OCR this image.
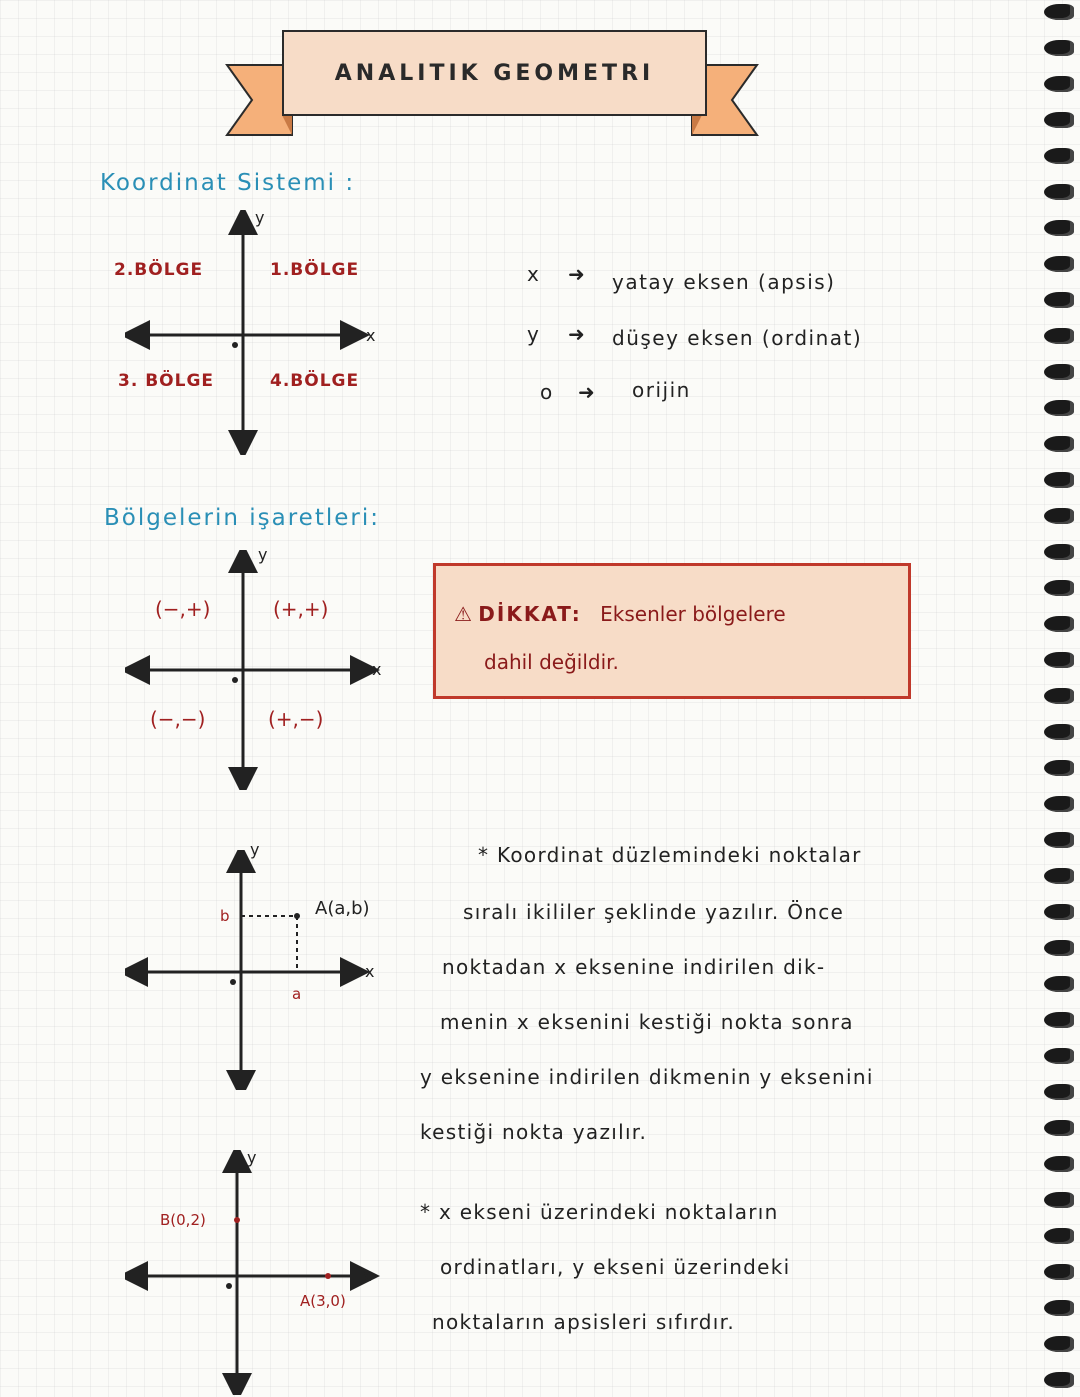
ANALITIK GEOMETRI
Koordinat Sistemi :
y
x
2.BÖLGE	1.BÖLGE
3. BÖLGE	4.BÖLGE
x ➜ yatay eksen (apsis)
y ➜ düşey eksen (ordinat)
o ➜ orijin
Bölgelerin işaretleri:
y
x
(−,+)	(+,+)
(−,−)	(+,−)
⚠ DİKKAT: Eksenler bölgelere
dahil değildir.
y
x
b
a
A(a,b)
* Koordinat düzlemindeki noktalar
sıralı ikililer şeklinde yazılır. Önce
noktadan x eksenine indirilen dik-
menin x eksenini kestiği nokta sonra
y eksenine indirilen dikmenin y eksenini
kestiği nokta yazılır.
y
x
B(0,2)
A(3,0)
* x ekseni üzerindeki noktaların
ordinatları, y ekseni üzerindeki
noktaların apsisleri sıfırdır.
